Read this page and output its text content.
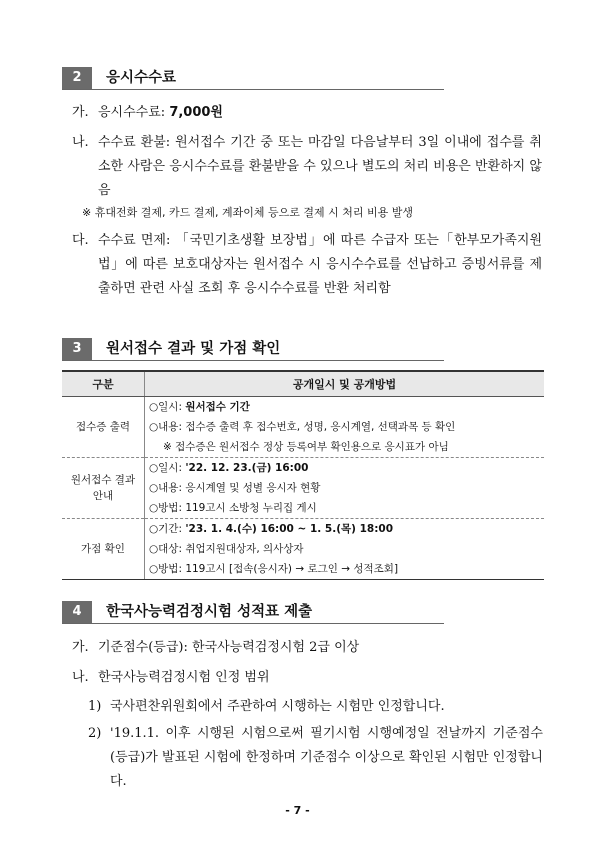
2	응시수수료
가. 응시수수료: 7,000원
나. 수수료 환불: 원서접수 기간 중 또는 마감일 다음날부터 3일 이내에 접수를 취소한 사람은 응시수수료를 환불받을 수 있으나 별도의 처리 비용은 반환하지 않음
※ 휴대전화 결제, 카드 결제, 계좌이체 등으로 결제 시 처리 비용 발생
다. 수수료 면제: 「국민기초생활 보장법」에 따른 수급자 또는「한부모가족지원법」에 따른 보호대상자는 원서접수 시 응시수수료를 선납하고 증빙서류를 제출하면 관련 사실 조회 후 응시수수료를 반환 처리함
3	원서접수 결과 및 가점 확인
구분	공개일시 및 공개방법
접수증 출력	○일시: 원서접수 기간
○내용: 접수증 출력 후 접수번호, 성명, 응시계열, 선택과목 등 확인
※ 접수증은 원서접수 정상 등록여부 확인용으로 응시표가 아님

원서접수 결과 안내	○일시: '22. 12. 23.(금) 16:00
○내용: 응시계열 및 성별 응시자 현황
○방법: 119고시 소방청 누리집 게시

가점 확인	○기간: '23. 1. 4.(수) 16:00 ~ 1. 5.(목) 18:00
○대상: 취업지원대상자, 의사상자
○방법: 119고시 [접속(응시자) → 로그인 → 성적조회]
4	한국사능력검정시험 성적표 제출
가. 기준점수(등급): 한국사능력검정시험 2급 이상
나. 한국사능력검정시험 인정 범위
1) 국사편찬위원회에서 주관하여 시행하는 시험만 인정합니다.
2) '19.1.1. 이후 시행된 시험으로써 필기시험 시행예정일 전날까지 기준점수(등급)가 발표된 시험에 한정하며 기준점수 이상으로 확인된 시험만 인정합니다.
- 7 -
